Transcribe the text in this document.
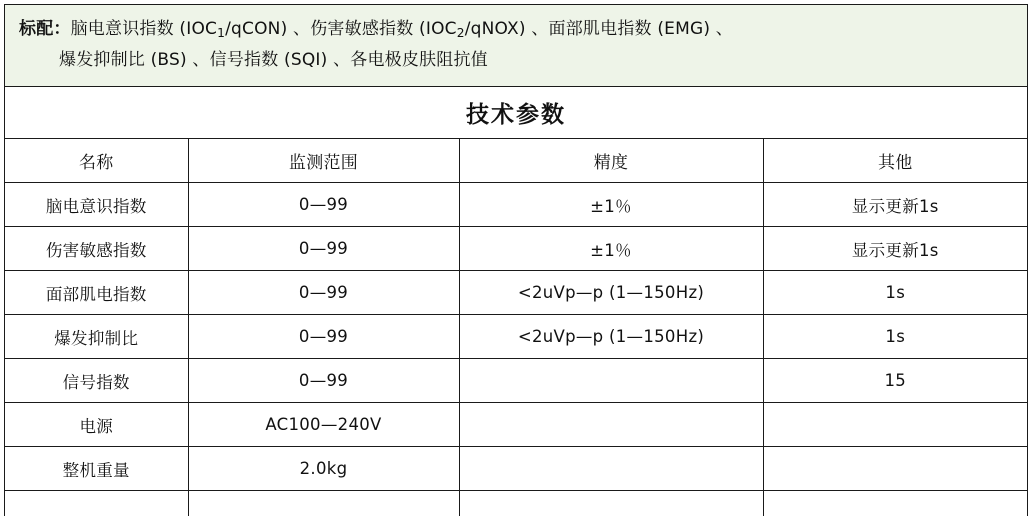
标配：脑电意识指数 $(IOC_1/qCON)$ 、伤害敏感指数 $(IOC_2/qNOX)$ 、面部肌电指数 (EMG) 、
爆发抑制比 (BS) 、信号指数 (SQI) 、各电极皮肤阻抗值
技术参数
名称	监测范围	精度	其他
脑电意识指数	0—99	±1％	显示更新1s
伤害敏感指数	0—99	±1％	显示更新1s
面部肌电指数	0—99	<2uVp—p (1—150Hz)	1s
爆发抑制比	0—99	<2uVp—p (1—150Hz)	1s
信号指数	0—99		15
电源	AC100—240V		
整机重量	2.0kg		
